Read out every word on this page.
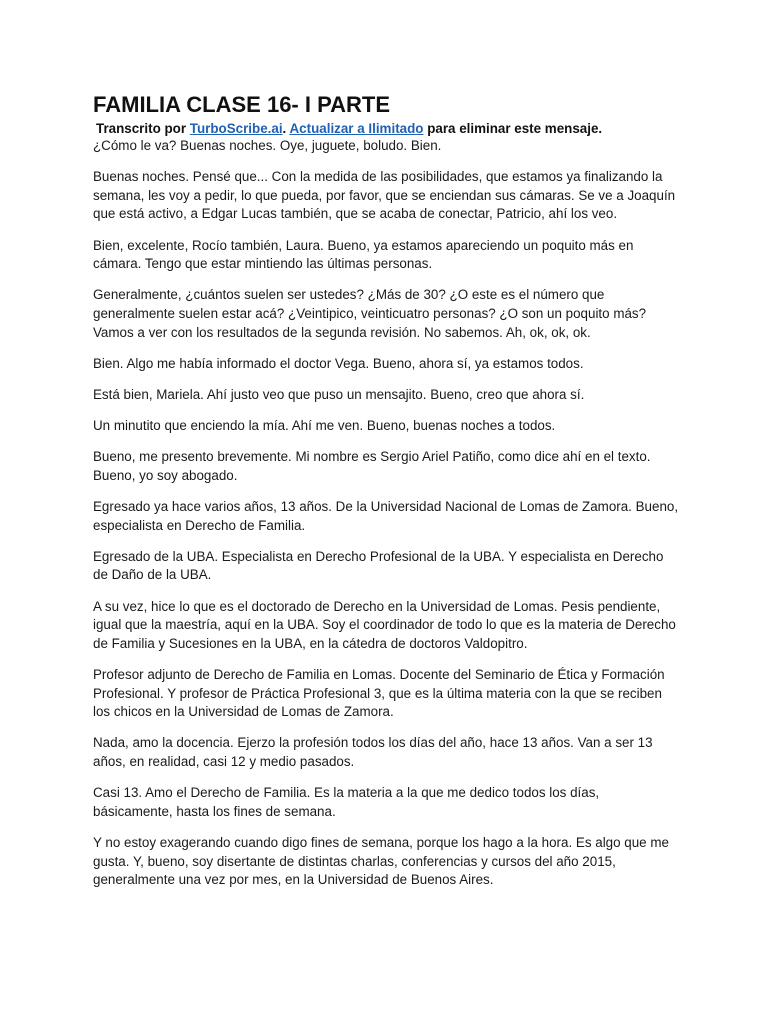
FAMILIA CLASE 16- I PARTE
Transcrito por TurboScribe.ai. Actualizar a Ilimitado para eliminar este mensaje.

¿Cómo le va? Buenas noches. Oye, juguete, boludo. Bien.

Buenas noches. Pensé que... Con la medida de las posibilidades, que estamos ya finalizando la semana, les voy a pedir, lo que pueda, por favor, que se enciendan sus cámaras. Se ve a Joaquín que está activo, a Edgar Lucas también, que se acaba de conectar, Patricio, ahí los veo.

Bien, excelente, Rocío también, Laura. Bueno, ya estamos apareciendo un poquito más en cámara. Tengo que estar mintiendo las últimas personas.

Generalmente, ¿cuántos suelen ser ustedes? ¿Más de 30? ¿O este es el número que generalmente suelen estar acá? ¿Veintipico, veinticuatro personas? ¿O son un poquito más? Vamos a ver con los resultados de la segunda revisión. No sabemos. Ah, ok, ok, ok.

Bien. Algo me había informado el doctor Vega. Bueno, ahora sí, ya estamos todos.

Está bien, Mariela. Ahí justo veo que puso un mensajito. Bueno, creo que ahora sí.

Un minutito que enciendo la mía. Ahí me ven. Bueno, buenas noches a todos.

Bueno, me presento brevemente. Mi nombre es Sergio Ariel Patiño, como dice ahí en el texto. Bueno, yo soy abogado.

Egresado ya hace varios años, 13 años. De la Universidad Nacional de Lomas de Zamora. Bueno, especialista en Derecho de Familia.

Egresado de la UBA. Especialista en Derecho Profesional de la UBA. Y especialista en Derecho de Daño de la UBA.

A su vez, hice lo que es el doctorado de Derecho en la Universidad de Lomas. Pesis pendiente, igual que la maestría, aquí en la UBA. Soy el coordinador de todo lo que es la materia de Derecho de Familia y Sucesiones en la UBA, en la cátedra de doctoros Valdopitro.

Profesor adjunto de Derecho de Familia en Lomas. Docente del Seminario de Ética y Formación Profesional. Y profesor de Práctica Profesional 3, que es la última materia con la que se reciben los chicos en la Universidad de Lomas de Zamora.

Nada, amo la docencia. Ejerzo la profesión todos los días del año, hace 13 años. Van a ser 13 años, en realidad, casi 12 y medio pasados.

Casi 13. Amo el Derecho de Familia. Es la materia a la que me dedico todos los días, básicamente, hasta los fines de semana.

Y no estoy exagerando cuando digo fines de semana, porque los hago a la hora. Es algo que me gusta. Y, bueno, soy disertante de distintas charlas, conferencias y cursos del año 2015, generalmente una vez por mes, en la Universidad de Buenos Aires.
